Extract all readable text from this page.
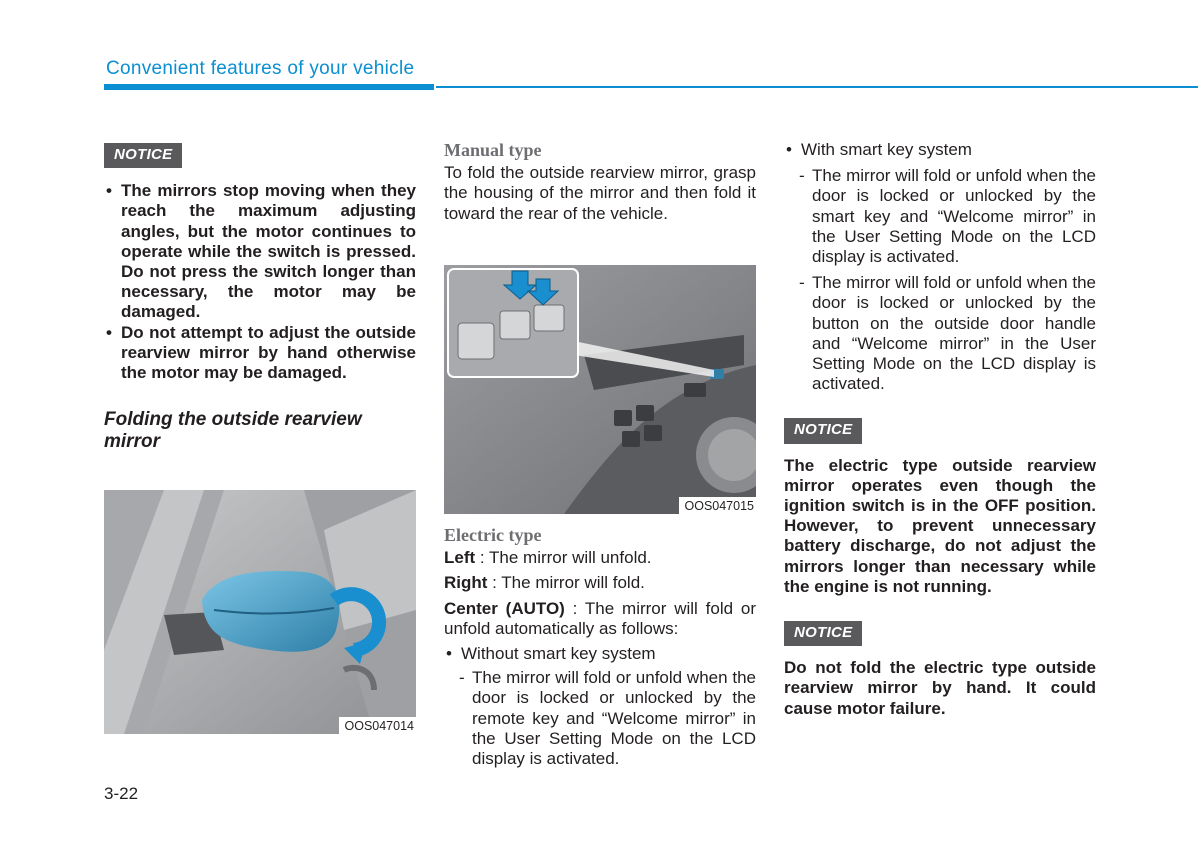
Convenient features of your vehicle
NOTICE
• The mirrors stop moving when they reach the maximum adjusting angles, but the motor continues to operate while the switch is pressed. Do not press the switch longer than necessary, the motor may be damaged.
• Do not attempt to adjust the outside rearview mirror by hand otherwise the motor may be damaged.
Folding the outside rearview mirror
OOS047014
Manual type
To fold the outside rearview mirror, grasp the housing of the mirror and then fold it toward the rear of the vehicle.
OOS047015
Electric type
Left : The mirror will unfold.
Right : The mirror will fold.
Center (AUTO) : The mirror will fold or unfold automatically as follows:
• Without smart key system
- The mirror will fold or unfold when the door is locked or unlocked by the remote key and “Welcome mirror” in the User Setting Mode on the LCD display is activated.
• With smart key system
- The mirror will fold or unfold when the door is locked or unlocked by the smart key and “Welcome mirror” in the User Setting Mode on the LCD display is activated.
- The mirror will fold or unfold when the door is locked or unlocked by the button on the outside door handle and “Welcome mirror” in the User Setting Mode on the LCD display is activated.
NOTICE
The electric type outside rearview mirror operates even though the ignition switch is in the OFF position. However, to prevent unnecessary battery discharge, do not adjust the mirrors longer than necessary while the engine is not running.
NOTICE
Do not fold the electric type outside rearview mirror by hand. It could cause motor failure.
3-22
